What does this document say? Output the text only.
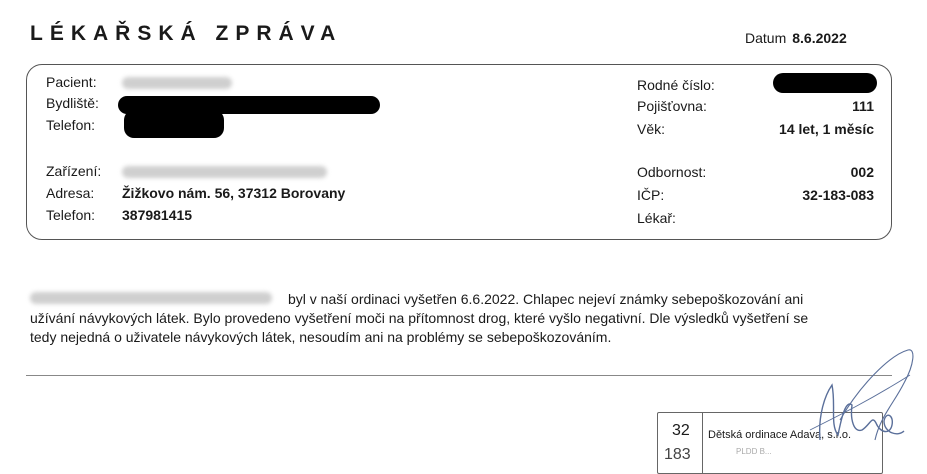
LÉKAŘSKÁ ZPRÁVA	Datum 8.6.2022
Pacient:
Bydliště:
Telefon:
Rodné číslo:
Pojišťovna:	111
Věk:	14 let, 1 měsíc
Zařízení:
Adresa: Žižkovo nám. 56, 37312 Borovany
Telefon: 387981415
Odbornost:	002
IČP:	32-183-083
Lékař:
byl v naší ordinaci vyšetřen 6.6.2022. Chlapec nejeví známky sebepoškozování ani
užívání návykových látek. Bylo provedeno vyšetření moči na přítomnost drog, které vyšlo negativní. Dle výsledků vyšetření se
tedy nejedná o uživatele návykových látek, nesoudím ani na problémy se sebepoškozováním.
32
183
Dětská ordinace Adava, s.r.o.
PLDD B...
